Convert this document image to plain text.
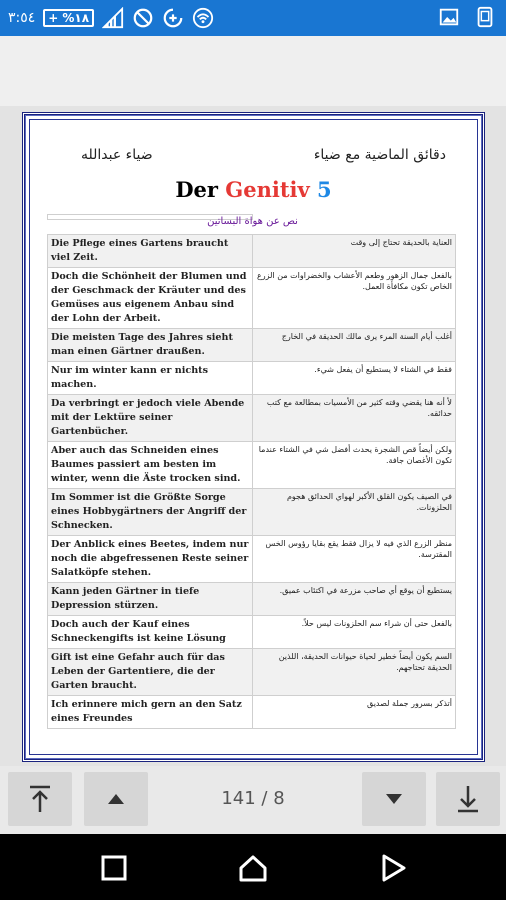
٣:٥٤ + %١٨
دقائق الماضية مع ضياء
ضياء عبدالله
Der Genitiv 5

نص عن هواة البساتين

Die Pflege eines Gartens braucht viel Zeit.	العناية بالحديقة تحتاج إلى وقت
Doch die Schönheit der Blumen und der Geschmack der Kräuter und des Gemüses aus eigenem Anbau sind der Lohn der Arbeit.	بالفعل جمال الزهور وطعم الأعشاب والخضراوات من الزرع الخاص تكون مكافأة العمل.
Die meisten Tage des Jahres sieht man einen Gärtner draußen.	أغلب أيام السنة المرء يرى مالك الحديقة في الخارج
Nur im winter kann er nichts machen.	فقط في الشتاء لا يستطيع أن يفعل شيء.
Da verbringt er jedoch viele Abende mit der Lektüre seiner Gartenbücher.	لأ أنه هنا يقضي وقته كثير من الأمسيات بمطالعة مع كتب حدائقه.
Aber auch das Schneiden eines Baumes passiert am besten im winter, wenn die Äste trocken sind.	ولكن أيضاً قص الشجرة يحدث أفضل شي في الشتاء عندما تكون الأغصان جافة.
Im Sommer ist die Größte Sorge eines Hobbygärtners der Angriff der Schnecken.	في الصيف يكون القلق الأكبر لهواي الحدائق هجوم الحلزونات.
Der Anblick eines Beetes, indem nur noch die abgefressenen Reste seiner Salatköpfe stehen.	منظر الزرع الذي فيه لا يزال فقط يقع بقايا رؤوس الخس المقترسة.
Kann jeden Gärtner in tiefe Depression stürzen.	يستطيع أن يوقع أي صاحب مزرعة في اكتئاب عميق.
Doch auch der Kauf eines Schneckengifts ist keine Lösung	بالفعل حتى أن شراء سم الحلزونات ليس حلاً.
Gift ist eine Gefahr auch für das Leben der Gartentiere, die der Garten braucht.	السم يكون أيضاً خطير لحياة حيوانات الحديقة، اللذين الحديقة تحتاجهم.
Ich erinnere mich gern an den Satz eines Freundes	أتذكر بسرور جملة لصديق
141 / 8
